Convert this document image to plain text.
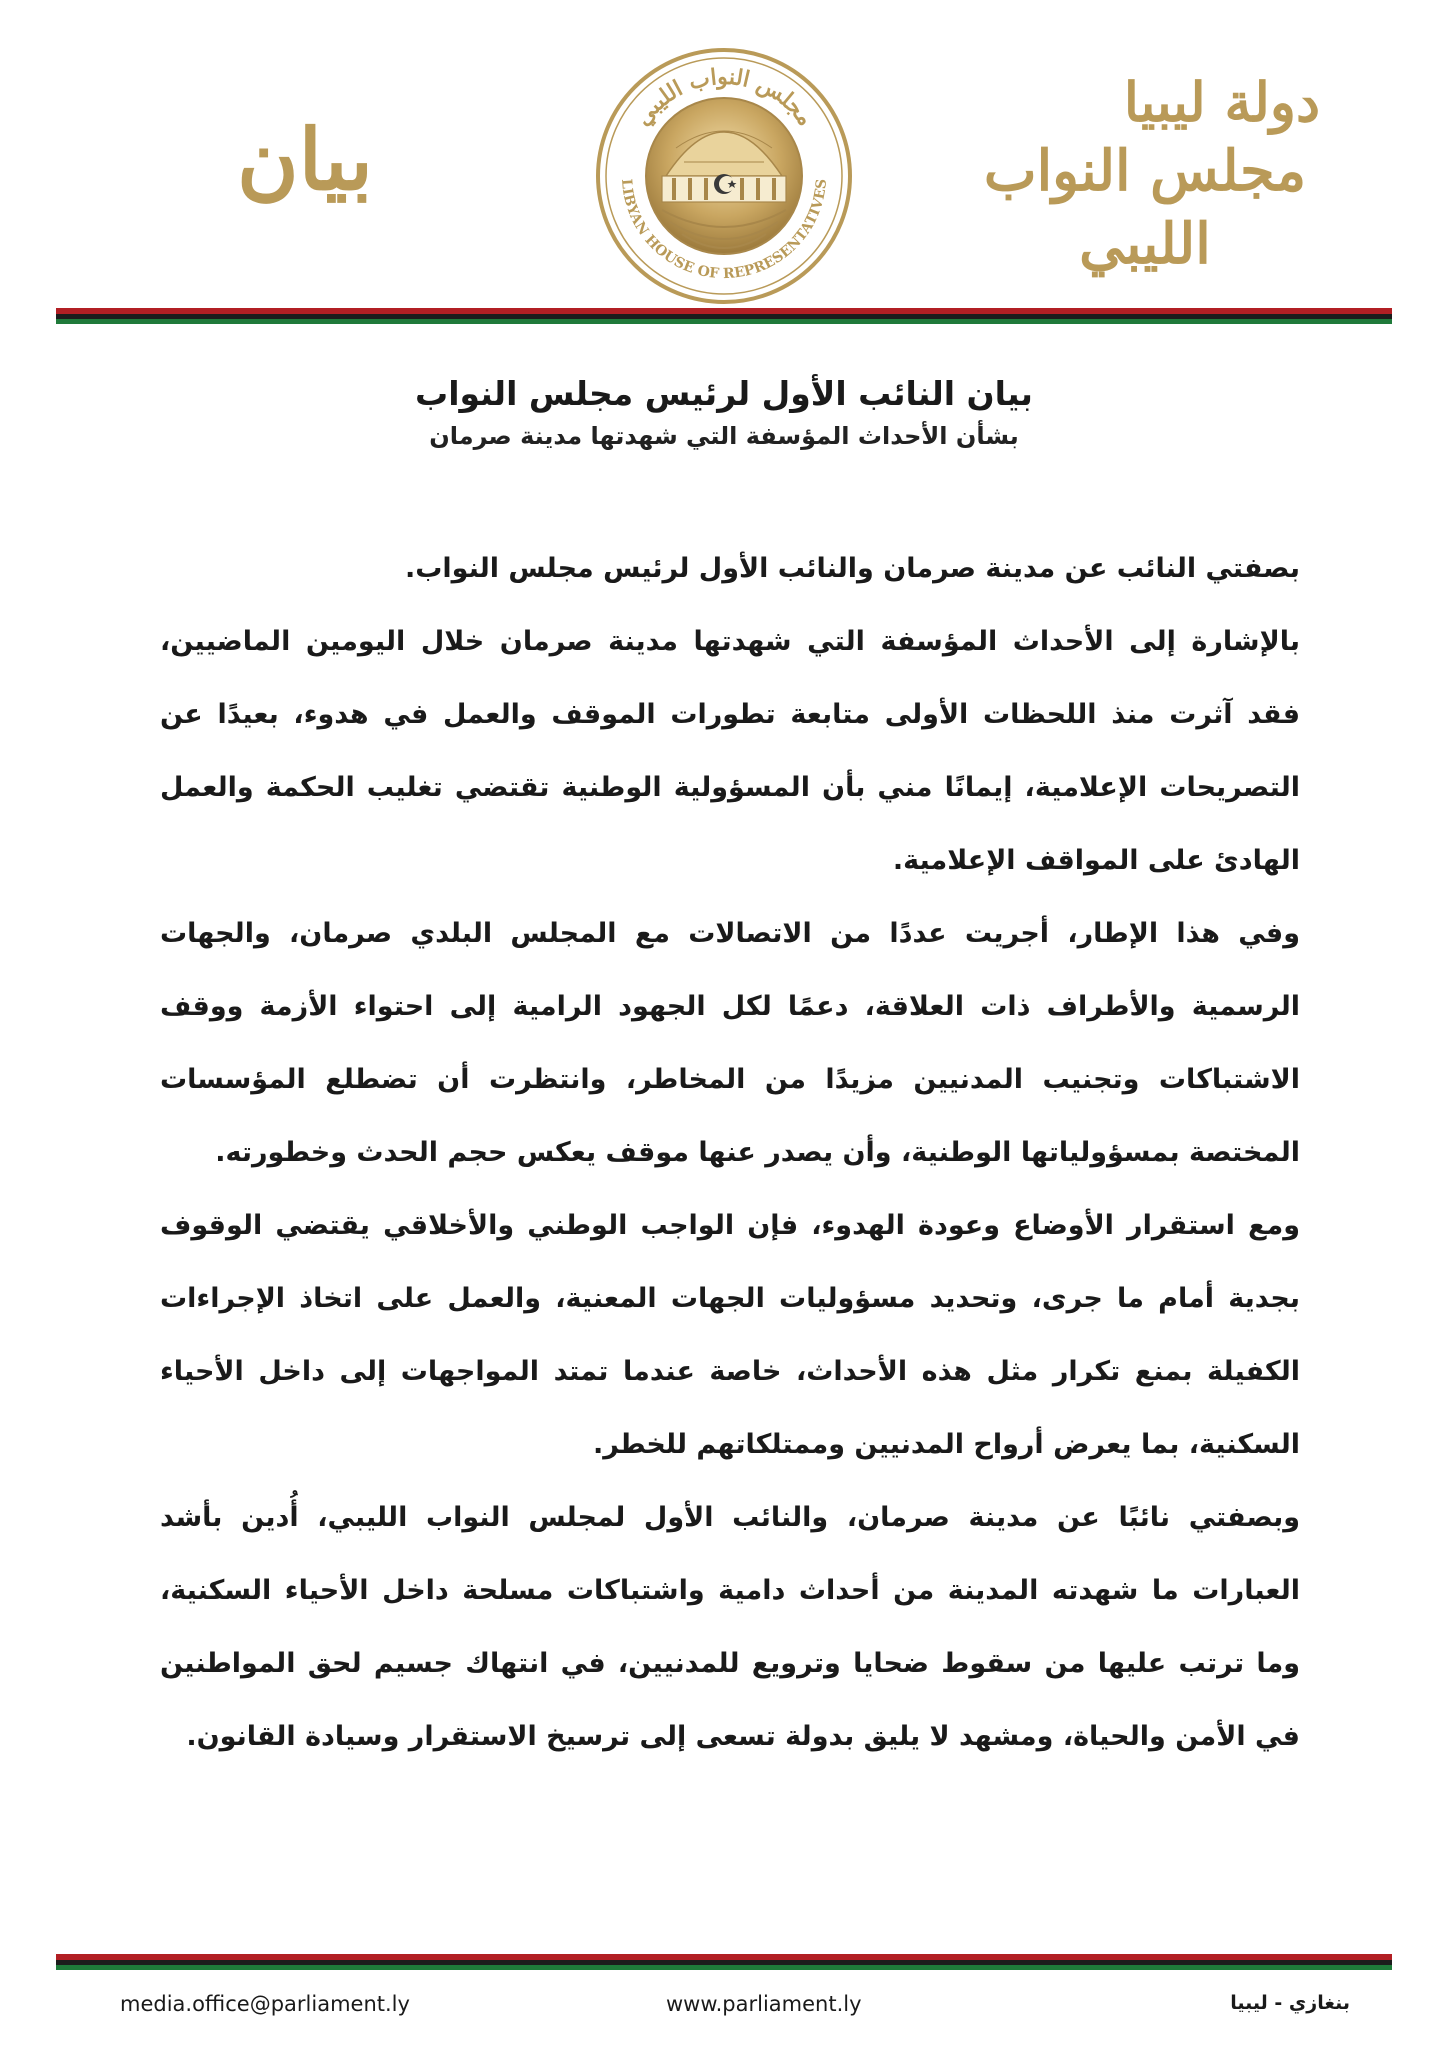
بيان	مجلس النواب الليبي
LIBYAN HOUSE OF REPRESENTATIVES
دولة ليبيا
مجلس النواب الليبي
بيان النائب الأول لرئيس مجلس النواب
بشأن الأحداث المؤسفة التي شهدتها مدينة صرمان

بصفتي النائب عن مدينة صرمان والنائب الأول لرئيس مجلس النواب.

بالإشارة إلى الأحداث المؤسفة التي شهدتها مدينة صرمان خلال اليومين الماضيين، فقد آثرت منذ اللحظات الأولى متابعة تطورات الموقف والعمل في هدوء، بعيدًا عن التصريحات الإعلامية، إيمانًا مني بأن المسؤولية الوطنية تقتضي تغليب الحكمة والعمل الهادئ على المواقف الإعلامية.

وفي هذا الإطار، أجريت عددًا من الاتصالات مع المجلس البلدي صرمان، والجهات الرسمية والأطراف ذات العلاقة، دعمًا لكل الجهود الرامية إلى احتواء الأزمة ووقف الاشتباكات وتجنيب المدنيين مزيدًا من المخاطر، وانتظرت أن تضطلع المؤسسات المختصة بمسؤولياتها الوطنية، وأن يصدر عنها موقف يعكس حجم الحدث وخطورته.

ومع استقرار الأوضاع وعودة الهدوء، فإن الواجب الوطني والأخلاقي يقتضي الوقوف بجدية أمام ما جرى، وتحديد مسؤوليات الجهات المعنية، والعمل على اتخاذ الإجراءات الكفيلة بمنع تكرار مثل هذه الأحداث، خاصة عندما تمتد المواجهات إلى داخل الأحياء السكنية، بما يعرض أرواح المدنيين وممتلكاتهم للخطر.

وبصفتي نائبًا عن مدينة صرمان، والنائب الأول لمجلس النواب الليبي، أُدين بأشد العبارات ما شهدته المدينة من أحداث دامية واشتباكات مسلحة داخل الأحياء السكنية، وما ترتب عليها من سقوط ضحايا وترويع للمدنيين، في انتهاك جسيم لحق المواطنين في الأمن والحياة، ومشهد لا يليق بدولة تسعى إلى ترسيخ الاستقرار وسيادة القانون.

media.office@parliament.ly	www.parliament.ly	بنغازي - ليبيا
